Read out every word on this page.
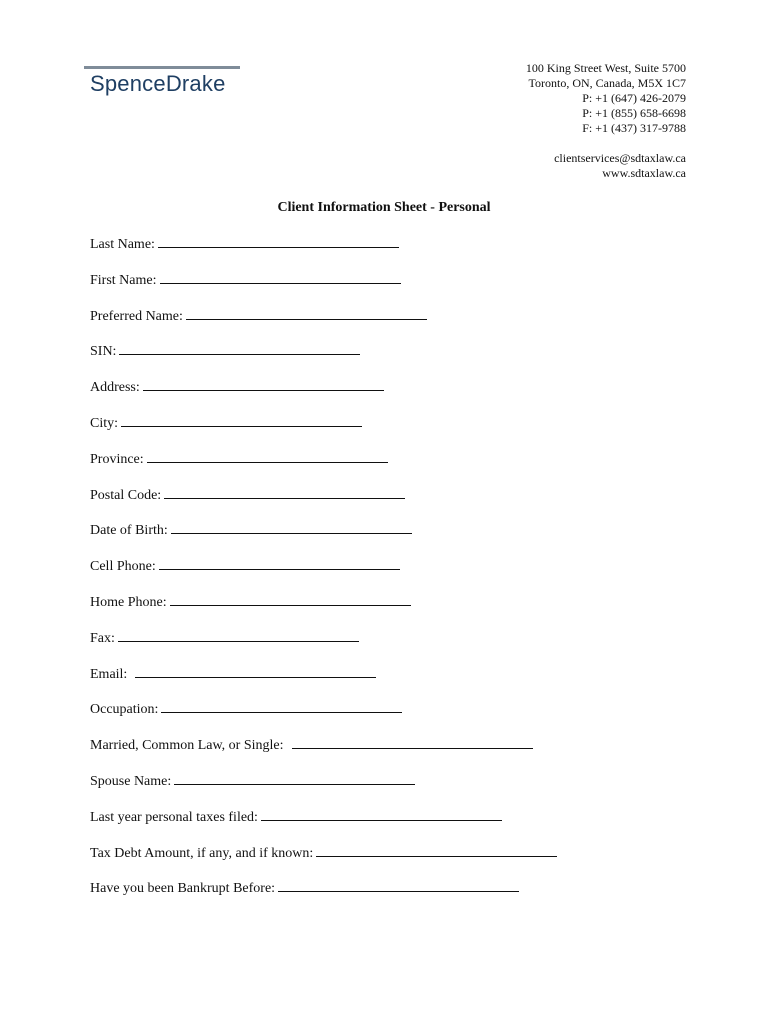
SpenceDrake
100 King Street West, Suite 5700
Toronto, ON, Canada, M5X 1C7
P: +1 (647) 426-2079
P: +1 (855) 658-6698
F: +1 (437) 317-9788
clientservices@sdtaxlaw.ca
www.sdtaxlaw.ca
Client Information Sheet - Personal
Last Name:
First Name:
Preferred Name:
SIN:
Address:
City:
Province:
Postal Code:
Date of Birth:
Cell Phone:
Home Phone:
Fax:
Email:
Occupation:
Married, Common Law, or Single:
Spouse Name:
Last year personal taxes filed:
Tax Debt Amount, if any, and if known:
Have you been Bankrupt Before:
